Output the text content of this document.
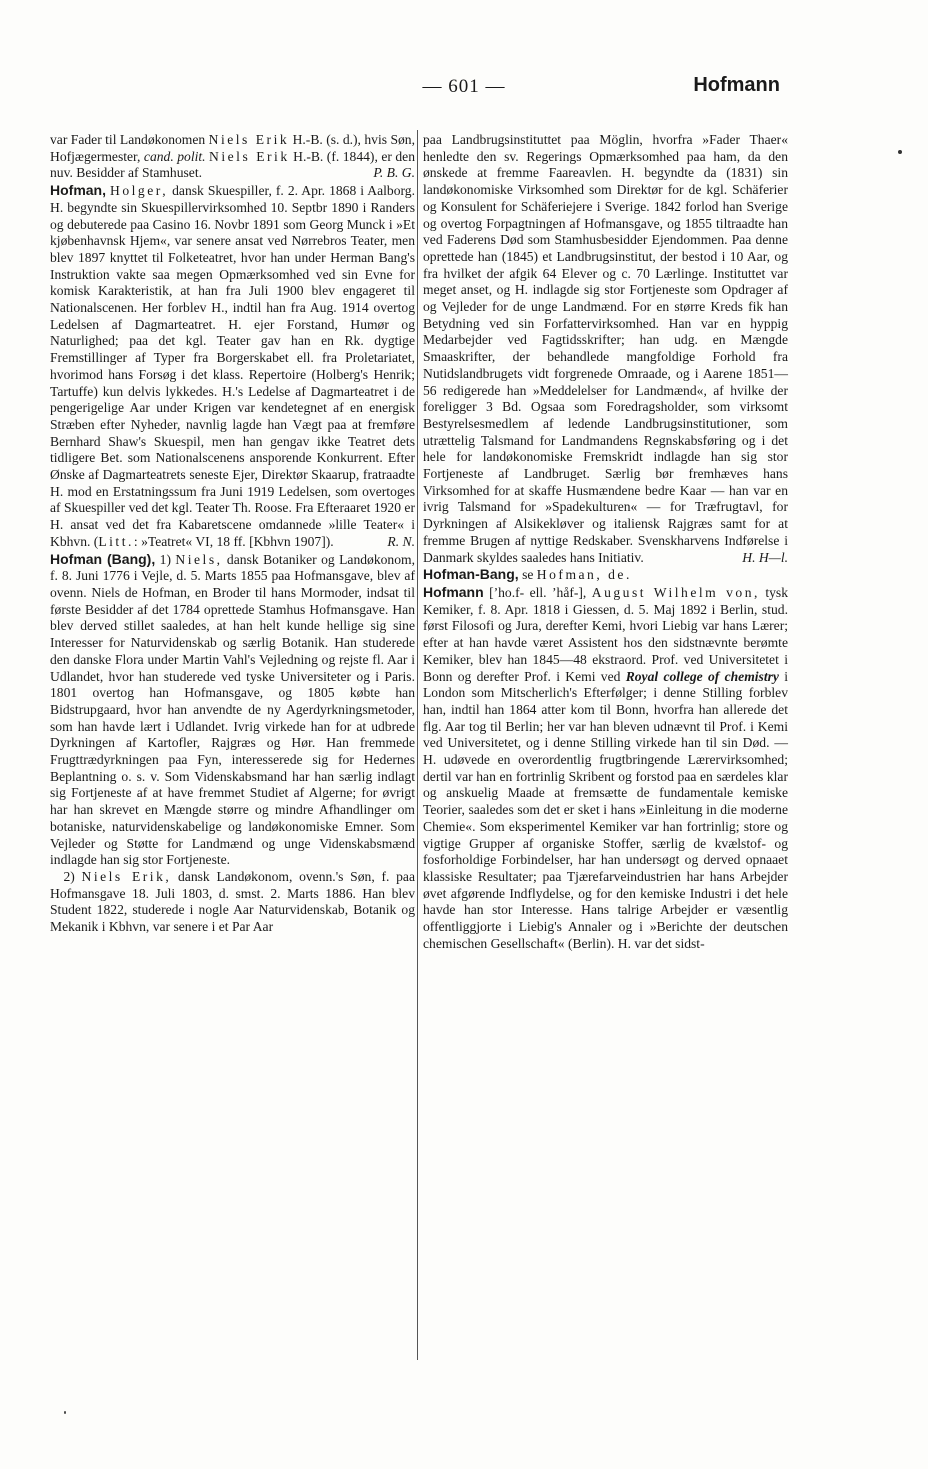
— 601 —	Hofmann

var Fader til Landøkonomen Niels Erik H.-B. (s. d.), hvis Søn, Hofjægermester, cand. polit. Niels Erik H.-B. (f. 1844), er den nuv. Besidder af Stamhuset.	P. B. G.

Hofman, Holger, dansk Skuespiller, f. 2. Apr. 1868 i Aalborg. H. begyndte sin Skuespillervirksomhed 10. Septbr 1890 i Randers og debuterede paa Casino 16. Novbr 1891 som Georg Munck i »Et kjøbenhavnsk Hjem«, var senere ansat ved Nørrebros Teater, men blev 1897 knyttet til Folketeatret, hvor han under Herman Bang's Instruktion vakte saa megen Opmærksomhed ved sin Evne for komisk Karakteristik, at han fra Juli 1900 blev engageret til Nationalscenen. Her forblev H., indtil han fra Aug. 1914 overtog Ledelsen af Dagmarteatret. H. ejer Forstand, Humør og Naturlighed; paa det kgl. Teater gav han en Rk. dygtige Fremstillinger af Typer fra Borgerskabet ell. fra Proletariatet, hvorimod hans Forsøg i det klass. Repertoire (Holberg's Henrik; Tartuffe) kun delvis lykkedes. H.'s Ledelse af Dagmarteatret i de pengerigelige Aar under Krigen var kendetegnet af en energisk Stræben efter Nyheder, navnlig lagde han Vægt paa at fremføre Bernhard Shaw's Skuespil, men han gengav ikke Teatret dets tidligere Bet. som Nationalscenens ansporende Konkurrent. Efter Ønske af Dagmarteatrets seneste Ejer, Direktør Skaarup, fratraadte H. mod en Erstatningssum fra Juni 1919 Ledelsen, som overtoges af Skuespiller ved det kgl. Teater Th. Roose. Fra Efteraaret 1920 er H. ansat ved det fra Kabaretscene omdannede »lille Teater« i Kbhvn. (Litt.: »Teatret« VI, 18 ff. [Kbhvn 1907]).	R. N.

Hofman (Bang), 1) Niels, dansk Botaniker og Landøkonom, f. 8. Juni 1776 i Vejle, d. 5. Marts 1855 paa Hofmansgave, blev af ovenn. Niels de Hofman, en Broder til hans Mormoder, indsat til første Besidder af det 1784 oprettede Stamhus Hofmansgave. Han blev derved stillet saaledes, at han helt kunde hellige sig sine Interesser for Naturvidenskab og særlig Botanik. Han studerede den danske Flora under Martin Vahl's Vejledning og rejste fl. Aar i Udlandet, hvor han studerede ved tyske Universiteter og i Paris. 1801 overtog han Hofmansgave, og 1805 købte han Bidstrupgaard, hvor han anvendte de ny Agerdyrkningsmetoder, som han havde lært i Udlandet. Ivrig virkede han for at udbrede Dyrkningen af Kartofler, Rajgræs og Hør. Han fremmede Frugttrædyrkningen paa Fyn, interesserede sig for Hedernes Beplantning o. s. v. Som Videnskabsmand har han særlig indlagt sig Fortjeneste af at have fremmet Studiet af Algerne; for øvrigt har han skrevet en Mængde større og mindre Afhandlinger om botaniske, naturvidenskabelige og landøkonomiske Emner. Som Vejleder og Støtte for Landmænd og unge Videnskabsmænd indlagde han sig stor Fortjeneste.

2) Niels Erik, dansk Landøkonom, ovenn.'s Søn, f. paa Hofmansgave 18. Juli 1803, d. smst. 2. Marts 1886. Han blev Student 1822, studerede i nogle Aar Naturvidenskab, Botanik og Mekanik i Kbhvn, var senere i et Par Aar

paa Landbrugsinstituttet paa Möglin, hvorfra »Fader Thaer« henledte den sv. Regerings Opmærksomhed paa ham, da den ønskede at fremme Faareavlen. H. begyndte da (1831) sin landøkonomiske Virksomhed som Direktør for de kgl. Schäferier og Konsulent for Schäferiejere i Sverige. 1842 forlod han Sverige og overtog Forpagtningen af Hofmansgave, og 1855 tiltraadte han ved Faderens Død som Stamhusbesidder Ejendommen. Paa denne oprettede han (1845) et Landbrugsinstitut, der bestod i 10 Aar, og fra hvilket der afgik 64 Elever og c. 70 Lærlinge. Instituttet var meget anset, og H. indlagde sig stor Fortjeneste som Opdrager af og Vejleder for de unge Landmænd. For en større Kreds fik han Betydning ved sin Forfattervirksomhed. Han var en hyppig Medarbejder ved Fagtidsskrifter; han udg. en Mængde Smaaskrifter, der behandlede mangfoldige Forhold fra Nutidslandbrugets vidt forgrenede Omraade, og i Aarene 1851—56 redigerede han »Meddelelser for Landmænd«, af hvilke der foreligger 3 Bd. Ogsaa som Foredragsholder, som virksomt Bestyrelsesmedlem af ledende Landbrugsinstitutioner, som utrættelig Talsmand for Landmandens Regnskabsføring og i det hele for landøkonomiske Fremskridt indlagde han sig stor Fortjeneste af Landbruget. Særlig bør fremhæves hans Virksomhed for at skaffe Husmændene bedre Kaar — han var en ivrig Talsmand for »Spadekulturen« — for Træfrugtavl, for Dyrkningen af Alsikekløver og italiensk Rajgræs samt for at fremme Brugen af nyttige Redskaber. Svenskharvens Indførelse i Danmark skyldes saaledes hans Initiativ.	H. H—l.

Hofman-Bang, se Hofman, de.

Hofmann [ʼho.f- ell. ʼhåf-], August Wilhelm von, tysk Kemiker, f. 8. Apr. 1818 i Giessen, d. 5. Maj 1892 i Berlin, stud. først Filosofi og Jura, derefter Kemi, hvori Liebig var hans Lærer; efter at han havde været Assistent hos den sidstnævnte berømte Kemiker, blev han 1845—48 ekstraord. Prof. ved Universitetet i Bonn og derefter Prof. i Kemi ved Royal college of chemistry i London som Mitscherlich's Efterfølger; i denne Stilling forblev han, indtil han 1864 atter kom til Bonn, hvorfra han allerede det flg. Aar tog til Berlin; her var han bleven udnævnt til Prof. i Kemi ved Universitetet, og i denne Stilling virkede han til sin Død. — H. udøvede en overordentlig frugtbringende Lærervirksomhed; dertil var han en fortrinlig Skribent og forstod paa en særdeles klar og anskuelig Maade at fremsætte de fundamentale kemiske Teorier, saaledes som det er sket i hans »Einleitung in die moderne Chemie«. Som eksperimentel Kemiker var han fortrinlig; store og vigtige Grupper af organiske Stoffer, særlig de kvælstof- og fosforholdige Forbindelser, har han undersøgt og derved opnaaet klassiske Resultater; paa Tjærefarveindustrien har hans Arbejder øvet afgørende Indflydelse, og for den kemiske Industri i det hele havde han stor Interesse. Hans talrige Arbejder er væsentlig offentliggjorte i Liebig's Annaler og i »Berichte der deutschen chemischen Gesellschaft« (Berlin). H. var det sidst-
